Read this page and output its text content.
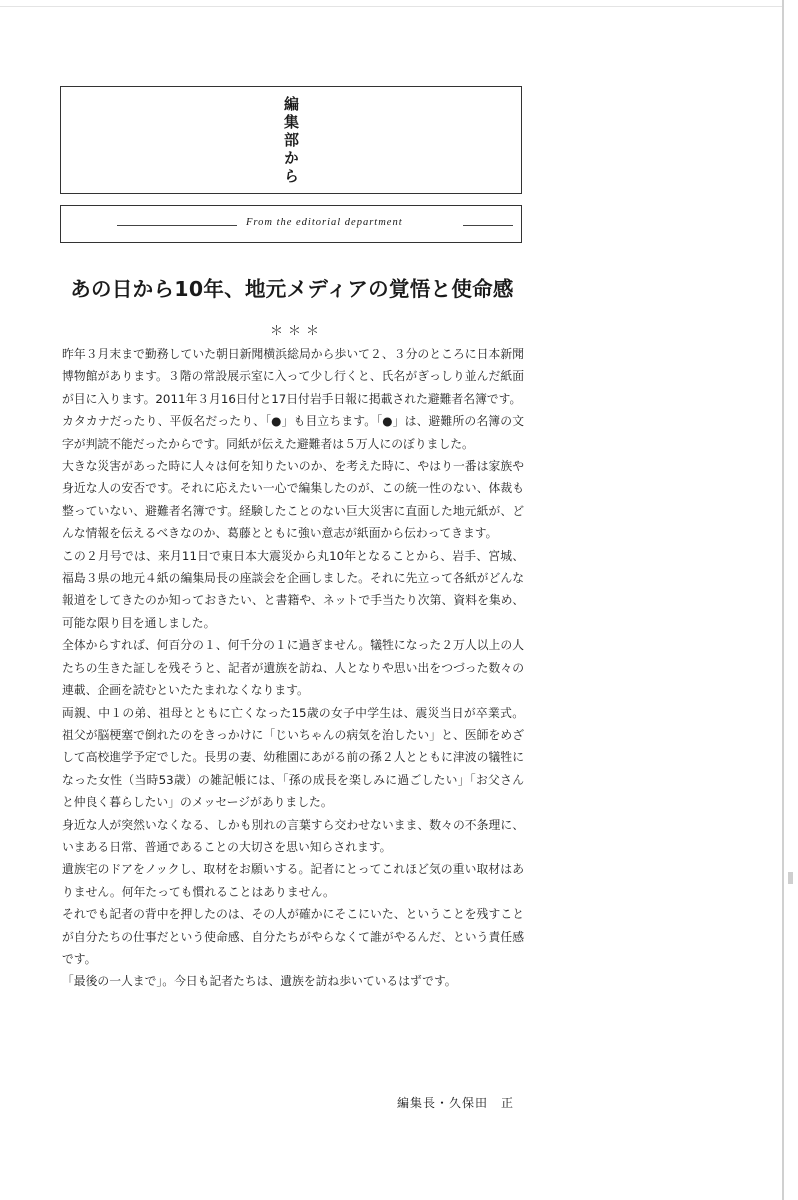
編集部から
From the editorial department
あの日から10年、地元メディアの覚悟と使命感
＊＊＊

昨年３月末まで勤務していた朝日新聞横浜総局から歩いて２、３分のところに日本新聞博物館があります。３階の常設展示室に入って少し行くと、氏名がぎっしり並んだ紙面が目に入ります。2011年３月16日付と17日付岩手日報に掲載された避難者名簿です。

カタカナだったり、平仮名だったり、「●」も目立ちます。「●」は、避難所の名簿の文字が判読不能だったからです。同紙が伝えた避難者は５万人にのぼりました。

大きな災害があった時に人々は何を知りたいのか、を考えた時に、やはり一番は家族や身近な人の安否です。それに応えたい一心で編集したのが、この統一性のない、体裁も整っていない、避難者名簿です。経験したことのない巨大災害に直面した地元紙が、どんな情報を伝えるべきなのか、葛藤とともに強い意志が紙面から伝わってきます。

この２月号では、来月11日で東日本大震災から丸10年となることから、岩手、宮城、福島３県の地元４紙の編集局長の座談会を企画しました。それに先立って各紙がどんな報道をしてきたのか知っておきたい、と書籍や、ネットで手当たり次第、資料を集め、可能な限り目を通しました。

全体からすれば、何百分の１、何千分の１に過ぎません。犠牲になった２万人以上の人たちの生きた証しを残そうと、記者が遺族を訪ね、人となりや思い出をつづった数々の連載、企画を読むといたたまれなくなります。

両親、中１の弟、祖母とともに亡くなった15歳の女子中学生は、震災当日が卒業式。祖父が脳梗塞で倒れたのをきっかけに「じいちゃんの病気を治したい」と、医師をめざして高校進学予定でした。長男の妻、幼稚園にあがる前の孫２人とともに津波の犠牲になった女性（当時53歳）の雑記帳には、「孫の成長を楽しみに過ごしたい」「お父さんと仲良く暮らしたい」のメッセージがありました。

身近な人が突然いなくなる、しかも別れの言葉すら交わせないまま、数々の不条理に、いまある日常、普通であることの大切さを思い知らされます。

遺族宅のドアをノックし、取材をお願いする。記者にとってこれほど気の重い取材はありません。何年たっても慣れることはありません。

それでも記者の背中を押したのは、その人が確かにそこにいた、ということを残すことが自分たちの仕事だという使命感、自分たちがやらなくて誰がやるんだ、という責任感です。

「最後の一人まで」。今日も記者たちは、遺族を訪ね歩いているはずです。

編集長・久保田　正
